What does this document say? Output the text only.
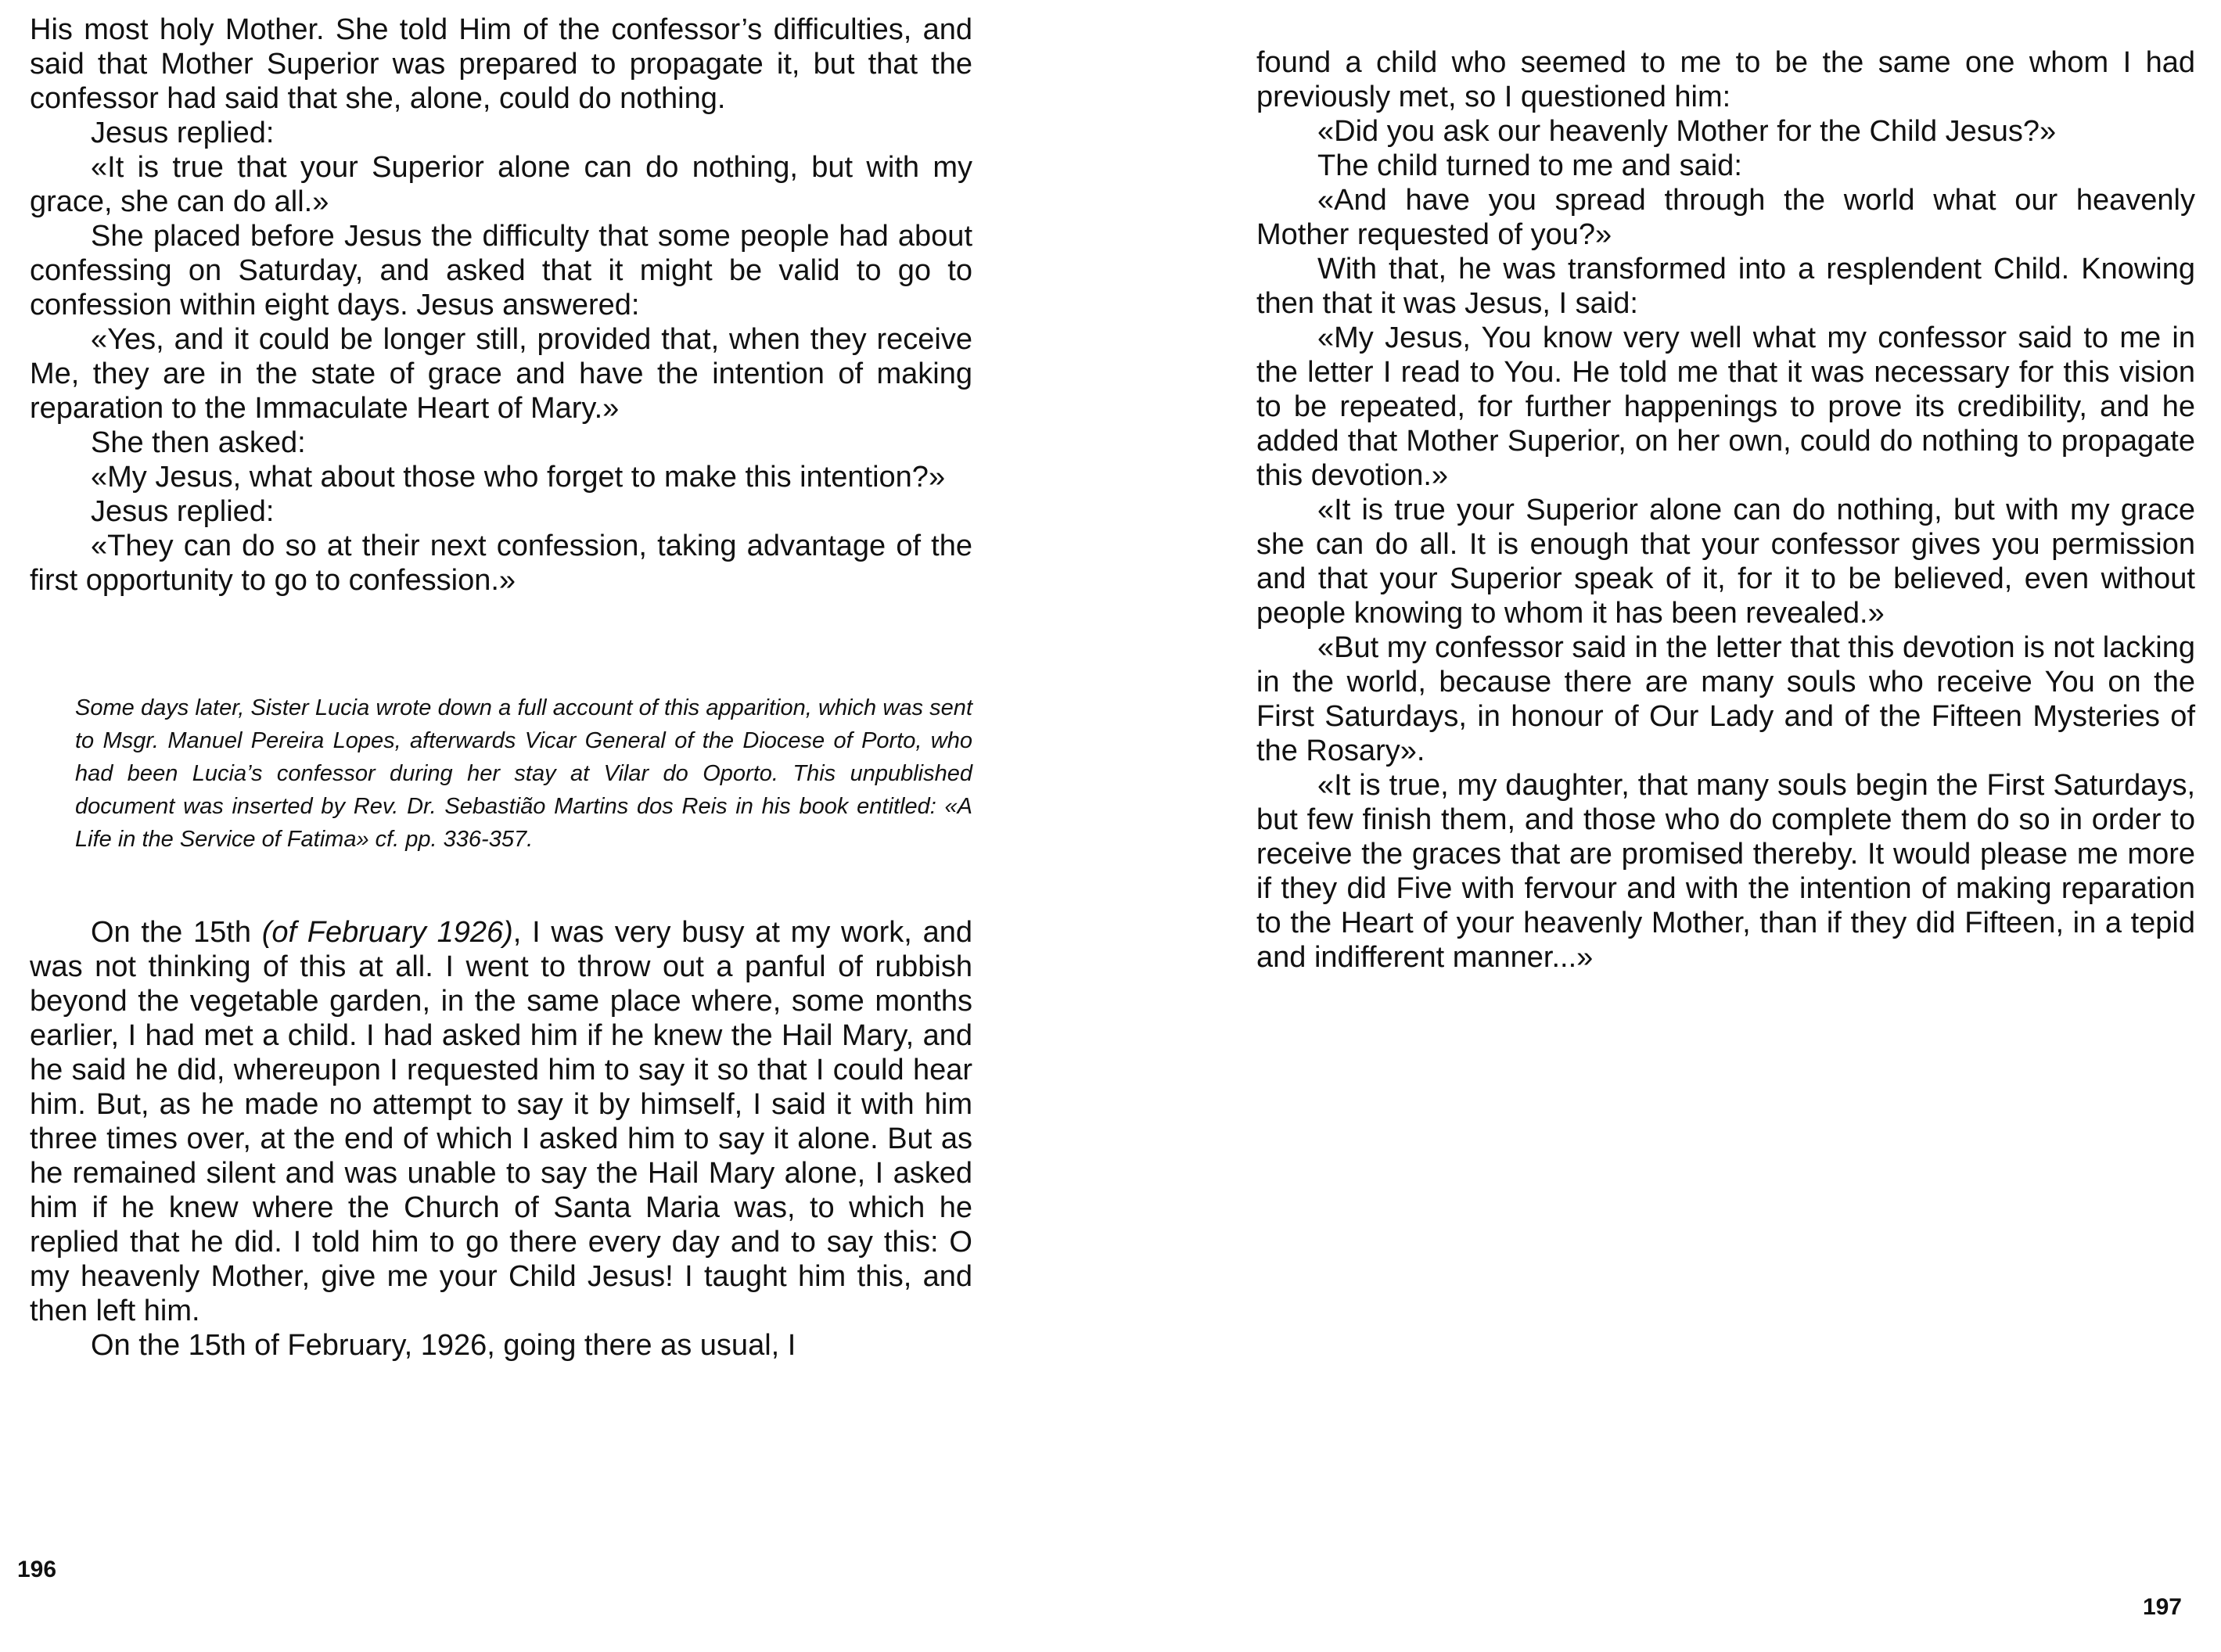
His most holy Mother. She told Him of the confessor’s difficulties, and said that Mother Superior was prepared to propagate it, but that the confessor had said that she, alone, could do nothing.

Jesus replied:

«It is true that your Superior alone can do nothing, but with my grace, she can do all.»

She placed before Jesus the difficulty that some people had about confessing on Saturday, and asked that it might be valid to go to confession within eight days. Jesus answered:

«Yes, and it could be longer still, provided that, when they receive Me, they are in the state of grace and have the intention of making reparation to the Immaculate Heart of Mary.»

She then asked:

«My Jesus, what about those who forget to make this intention?»

Jesus replied:

«They can do so at their next confession, taking advantage of the first opportunity to go to confession.»

Some days later, Sister Lucia wrote down a full account of this apparition, which was sent to Msgr. Manuel Pereira Lopes, afterwards Vicar General of the Diocese of Porto, who had been Lucia’s confessor during her stay at Vilar do Oporto. This unpublished document was inserted by Rev. Dr. Sebastião Martins dos Reis in his book entitled: «A Life in the Service of Fatima» cf. pp. 336-357.

On the 15th (of February 1926), I was very busy at my work, and was not thinking of this at all. I went to throw out a panful of rubbish beyond the vegetable garden, in the same place where, some months earlier, I had met a child. I had asked him if he knew the Hail Mary, and he said he did, whereupon I requested him to say it so that I could hear him. But, as he made no attempt to say it by himself, I said it with him three times over, at the end of which I asked him to say it alone. But as he remained silent and was unable to say the Hail Mary alone, I asked him if he knew where the Church of Santa Maria was, to which he replied that he did. I told him to go there every day and to say this: O my heavenly Mother, give me your Child Jesus! I taught him this, and then left him.

On the 15th of February, 1926, going there as usual, I

196

found a child who seemed to me to be the same one whom I had previously met, so I questioned him:

«Did you ask our heavenly Mother for the Child Jesus?»

The child turned to me and said:

«And have you spread through the world what our heavenly Mother requested of you?»

With that, he was transformed into a resplendent Child. Knowing then that it was Jesus, I said:

«My Jesus, You know very well what my confessor said to me in the letter I read to You. He told me that it was necessary for this vision to be repeated, for further happenings to prove its credibility, and he added that Mother Superior, on her own, could do nothing to propagate this devotion.»

«It is true your Superior alone can do nothing, but with my grace she can do all. It is enough that your confessor gives you permission and that your Superior speak of it, for it to be believed, even without people knowing to whom it has been revealed.»

«But my confessor said in the letter that this devotion is not lacking in the world, because there are many souls who receive You on the First Saturdays, in honour of Our Lady and of the Fifteen Mysteries of the Rosary».

«It is true, my daughter, that many souls begin the First Saturdays, but few finish them, and those who do complete them do so in order to receive the graces that are promised thereby. It would please me more if they did Five with fervour and with the intention of making reparation to the Heart of your heavenly Mother, than if they did Fifteen, in a tepid and indifferent manner...»

197
